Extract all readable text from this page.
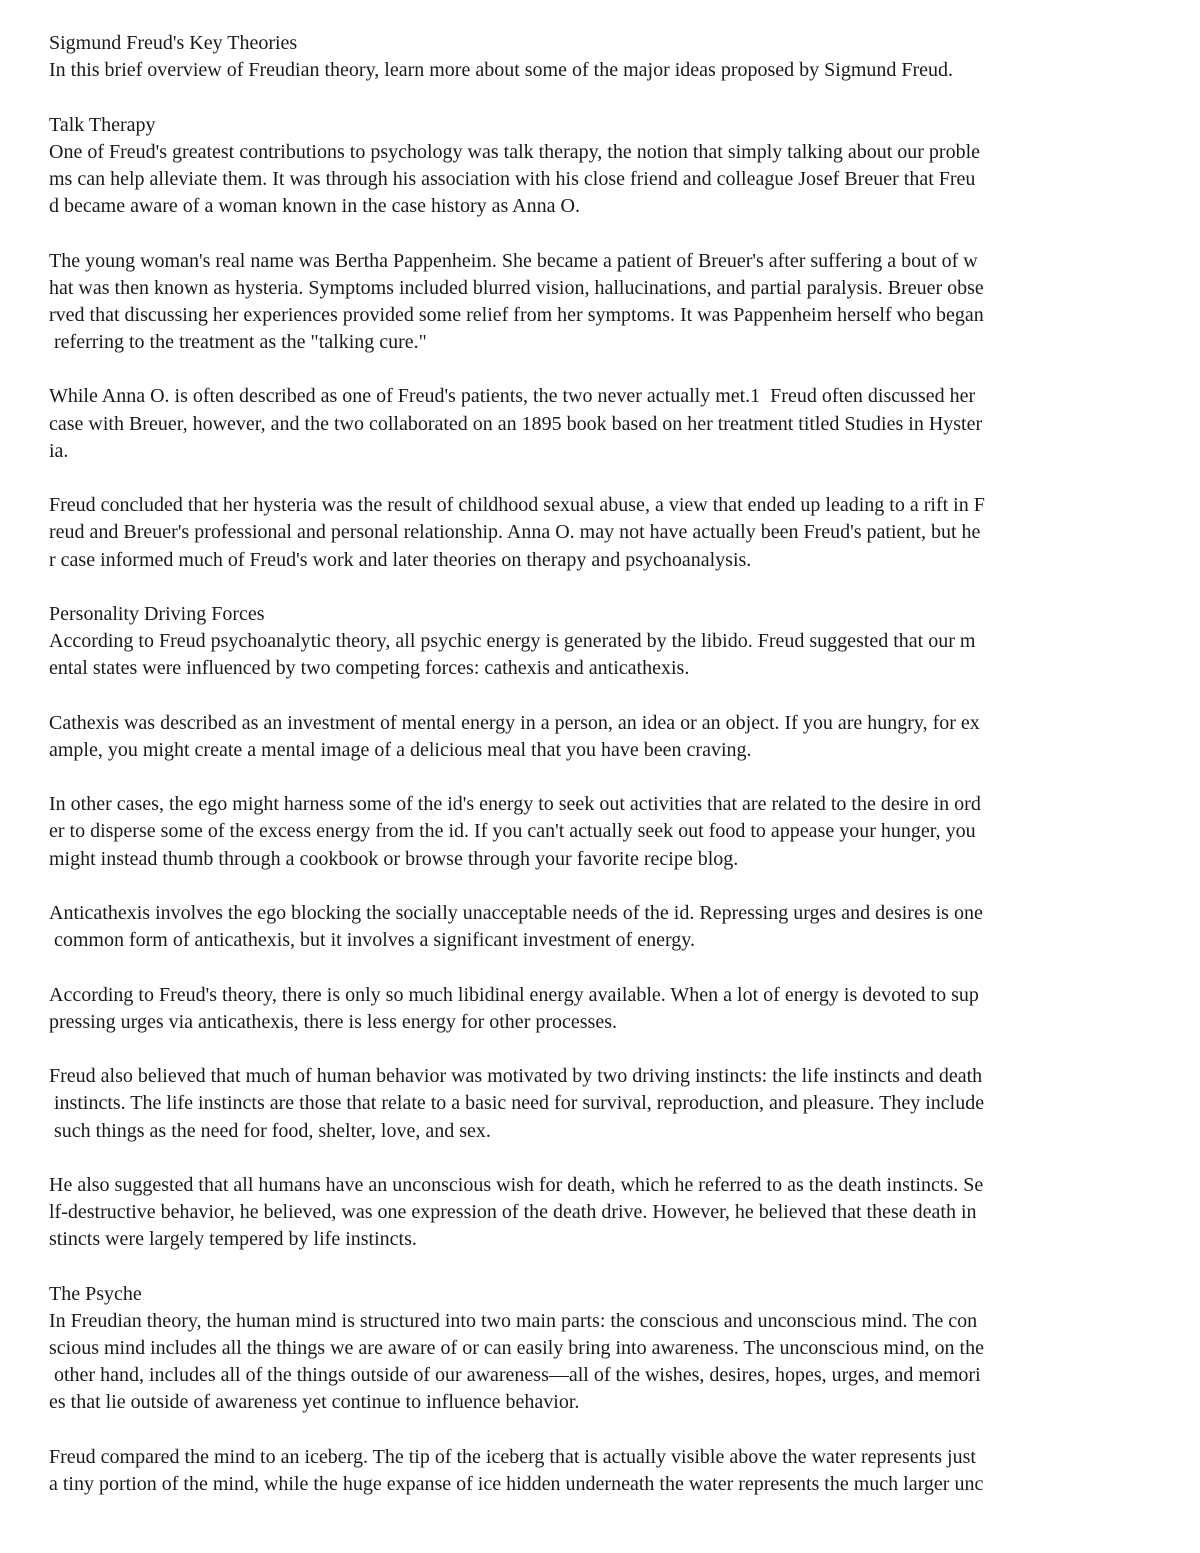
Sigmund Freud's Key Theories
In this brief overview of Freudian theory, learn more about some of the major ideas proposed by Sigmund Freud.
Talk Therapy
One of Freud's greatest contributions to psychology was talk therapy, the notion that simply talking about our proble
ms can help alleviate them. It was through his association with his close friend and colleague Josef Breuer that Freu
d became aware of a woman known in the case history as Anna O.
The young woman's real name was Bertha Pappenheim. She became a patient of Breuer's after suffering a bout of w
hat was then known as hysteria. Symptoms included blurred vision, hallucinations, and partial paralysis. Breuer obse
rved that discussing her experiences provided some relief from her symptoms. It was Pappenheim herself who began
referring to the treatment as the "talking cure."
While Anna O. is often described as one of Freud's patients, the two never actually met.1  Freud often discussed her
case with Breuer, however, and the two collaborated on an 1895 book based on her treatment titled Studies in Hyster
ia.
Freud concluded that her hysteria was the result of childhood sexual abuse, a view that ended up leading to a rift in F
reud and Breuer's professional and personal relationship. Anna O. may not have actually been Freud's patient, but he
r case informed much of Freud's work and later theories on therapy and psychoanalysis.
Personality Driving Forces
According to Freud psychoanalytic theory, all psychic energy is generated by the libido. Freud suggested that our m
ental states were influenced by two competing forces: cathexis and anticathexis.
Cathexis was described as an investment of mental energy in a person, an idea or an object. If you are hungry, for ex
ample, you might create a mental image of a delicious meal that you have been craving.
In other cases, the ego might harness some of the id's energy to seek out activities that are related to the desire in ord
er to disperse some of the excess energy from the id. If you can't actually seek out food to appease your hunger, you
might instead thumb through a cookbook or browse through your favorite recipe blog.
Anticathexis involves the ego blocking the socially unacceptable needs of the id. Repressing urges and desires is one
common form of anticathexis, but it involves a significant investment of energy.
According to Freud's theory, there is only so much libidinal energy available. When a lot of energy is devoted to sup
pressing urges via anticathexis, there is less energy for other processes.
Freud also believed that much of human behavior was motivated by two driving instincts: the life instincts and death
instincts. The life instincts are those that relate to a basic need for survival, reproduction, and pleasure. They include
such things as the need for food, shelter, love, and sex.
He also suggested that all humans have an unconscious wish for death, which he referred to as the death instincts. Se
lf-destructive behavior, he believed, was one expression of the death drive. However, he believed that these death in
stincts were largely tempered by life instincts.
The Psyche
In Freudian theory, the human mind is structured into two main parts: the conscious and unconscious mind. The con
scious mind includes all the things we are aware of or can easily bring into awareness. The unconscious mind, on the
other hand, includes all of the things outside of our awareness—all of the wishes, desires, hopes, urges, and memori
es that lie outside of awareness yet continue to influence behavior.
Freud compared the mind to an iceberg. The tip of the iceberg that is actually visible above the water represents just
a tiny portion of the mind, while the huge expanse of ice hidden underneath the water represents the much larger unc
